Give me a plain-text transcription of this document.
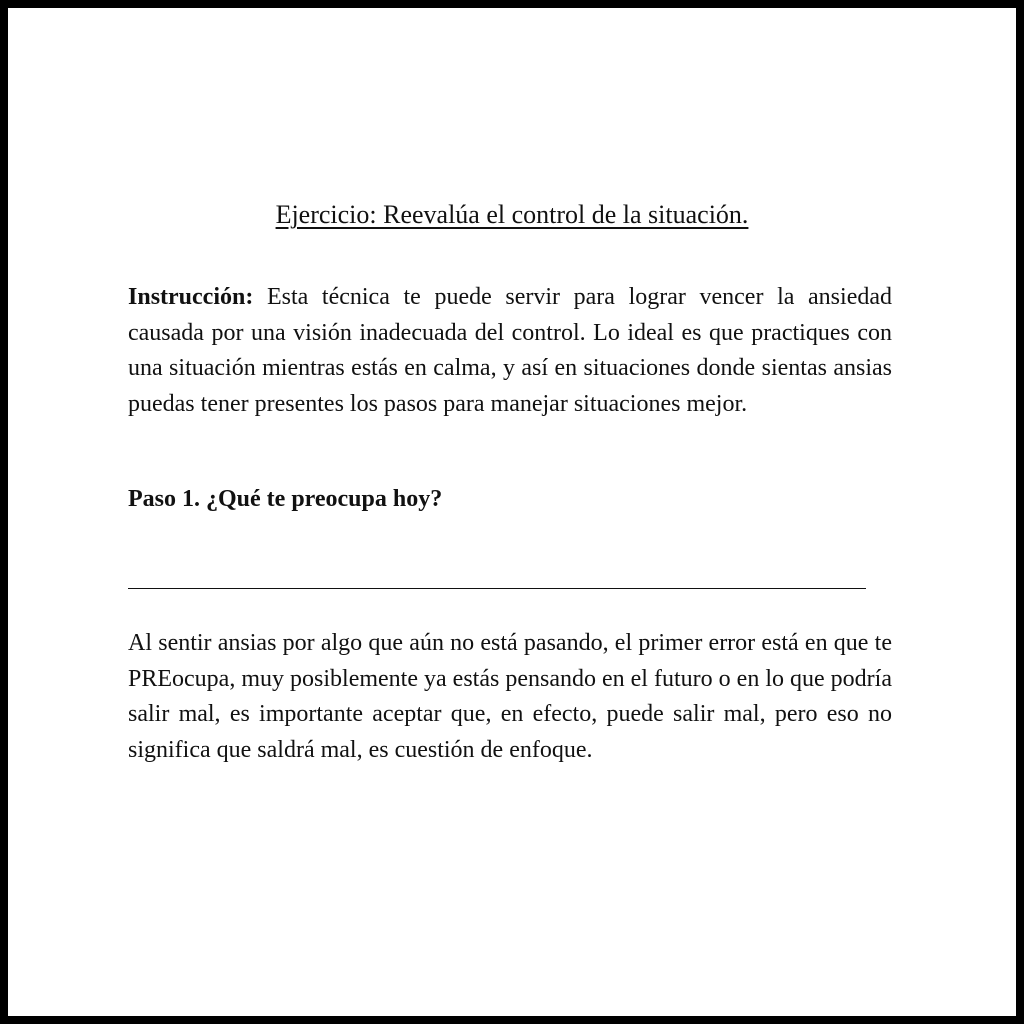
Ejercicio: Reevalúa el control de la situación.

Instrucción: Esta técnica te puede servir para lograr vencer la ansiedad causada por una visión inadecuada del control. Lo ideal es que practiques con una situación mientras estás en calma, y así en situaciones donde sientas ansias puedas tener presentes los pasos para manejar situaciones mejor.

Paso 1. ¿Qué te preocupa hoy?

Al sentir ansias por algo que aún no está pasando, el primer error está en que te PREocupa, muy posiblemente ya estás pensando en el futuro o en lo que podría salir mal, es importante aceptar que, en efecto, puede salir mal, pero eso no significa que saldrá mal, es cuestión de enfoque.
